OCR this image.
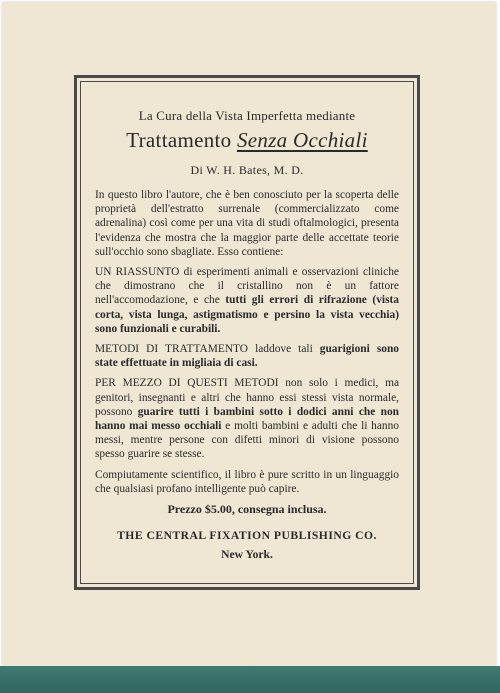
La Cura della Vista Imperfetta mediante
Trattamento Senza Occhiali
Di W. H. Bates, M. D.

In questo libro l'autore, che è ben conosciuto per la scoperta delle proprietà dell'estratto surrenale (commercializzato come adrenalina) così come per una vita di studi oftalmologici, presenta l'evidenza che mostra che la maggior parte delle accettate teorie sull'occhio sono sbagliate. Esso contiene:

UN RIASSUNTO di esperimenti animali e osservazioni cliniche che dimostrano che il cristallino non è un fattore nell'accomodazione, e che tutti gli errori di rifrazione (vista corta, vista lunga, astigmatismo e persino la vista vecchia) sono funzionali e curabili.

METODI DI TRATTAMENTO laddove tali guarigioni sono state effettuate in migliaia di casi.

PER MEZZO DI QUESTI METODI non solo i medici, ma genitori, insegnanti e altri che hanno essi stessi vista normale, possono guarire tutti i bambini sotto i dodici anni che non hanno mai messo occhiali e molti bambini e adulti che li hanno messi, mentre persone con difetti minori di visione possono spesso guarire se stesse.

Compiutamente scientifico, il libro è pure scritto in un linguaggio che qualsiasi profano intelligente può capire.

Prezzo $5.00, consegna inclusa.
THE CENTRAL FIXATION PUBLISHING CO.
New York.
